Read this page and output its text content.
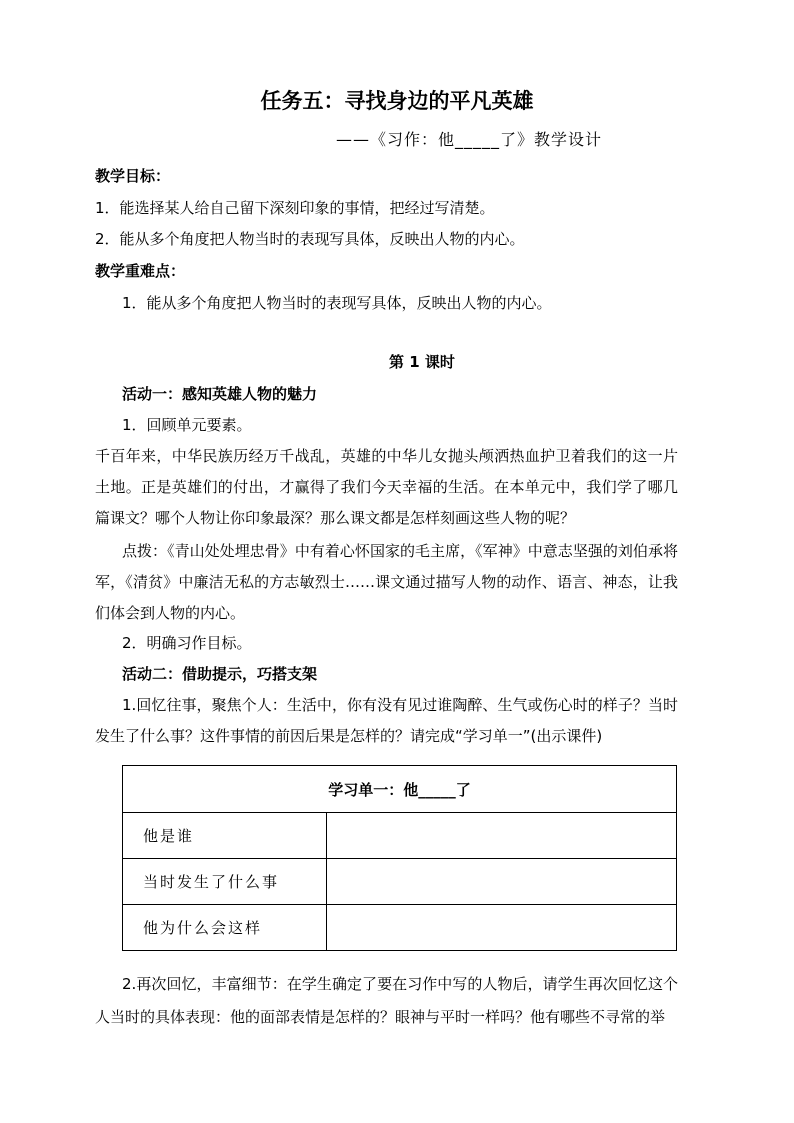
任务五：寻找身边的平凡英雄
——《习作：他_____了》教学设计
教学目标：
1．能选择某人给自己留下深刻印象的事情，把经过写清楚。
2．能从多个角度把人物当时的表现写具体，反映出人物的内心。
教学重难点：
1．能从多个角度把人物当时的表现写具体，反映出人物的内心。
第 1 课时
活动一：感知英雄人物的魅力
1．回顾单元要素。
千百年来，中华民族历经万千战乱，英雄的中华儿女抛头颅洒热血护卫着我们的这一片土地。正是英雄们的付出，才赢得了我们今天幸福的生活。在本单元中，我们学了哪几篇课文？哪个人物让你印象最深？那么课文都是怎样刻画这些人物的呢？
点拨：《青山处处埋忠骨》中有着心怀国家的毛主席，《军神》中意志坚强的刘伯承将军，《清贫》中廉洁无私的方志敏烈士……课文通过描写人物的动作、语言、神态，让我们体会到人物的内心。
2．明确习作目标。
活动二：借助提示，巧搭支架
1.回忆往事，聚焦个人：生活中，你有没有见过谁陶醉、生气或伤心时的样子？当时发生了什么事？这件事情的前因后果是怎样的？请完成“学习单一”(出示课件)
学习单一：他_____了	
他是谁	
当时发生了什么事	
他为什么会这样	
2.再次回忆，丰富细节：在学生确定了要在习作中写的人物后，请学生再次回忆这个人当时的具体表现：他的面部表情是怎样的？眼神与平时一样吗？他有哪些不寻常的举
